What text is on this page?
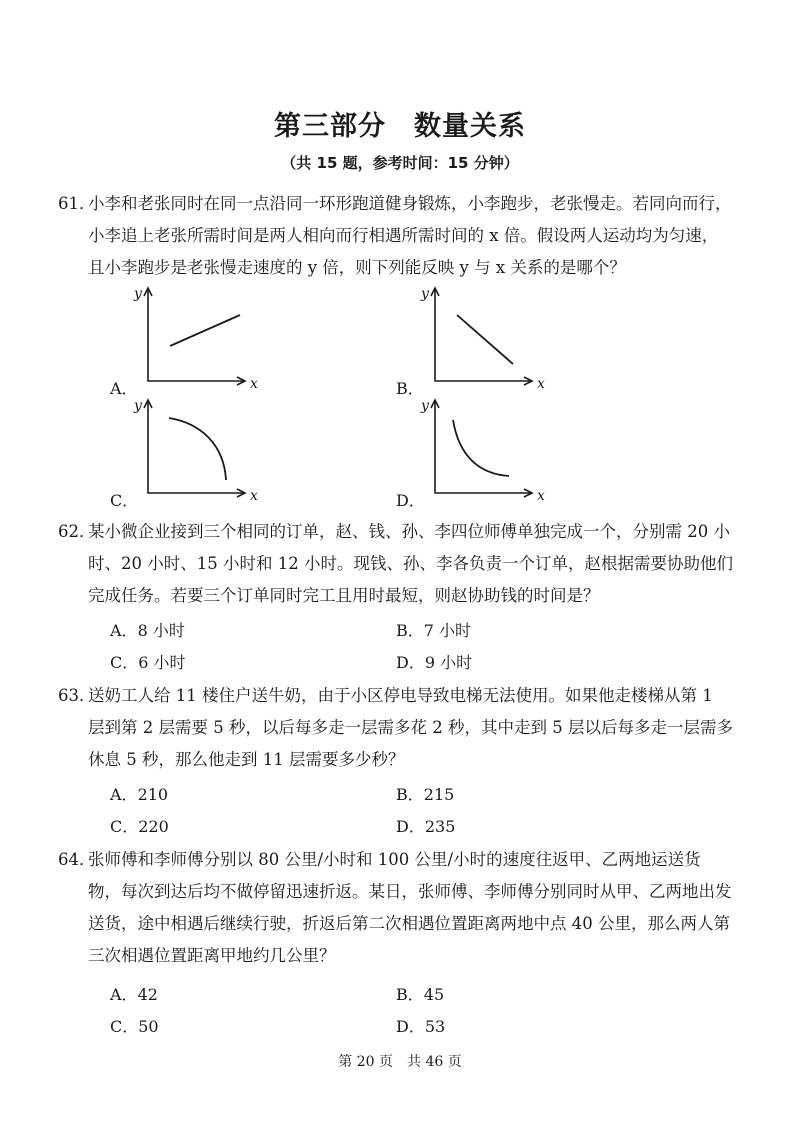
第三部分　数量关系
（共 15 题，参考时间：15 分钟）
61．
小李和老张同时在同一点沿同一环形跑道健身锻炼，小李跑步，老张慢走。若同向而行，小李追上老张所需时间是两人相向而行相遇所需时间的 x 倍。假设两人运动均为匀速，且小李跑步是老张慢走速度的 y 倍，则下列能反映 y 与 x 关系的是哪个？
A．
y
x	B．
y
x
C．
y
x	D．
y
x
62．
某小微企业接到三个相同的订单，赵、钱、孙、李四位师傅单独完成一个，分别需 20 小时、20 小时、15 小时和 12 小时。现钱、孙、李各负责一个订单，赵根据需要协助他们完成任务。若要三个订单同时完工且用时最短，则赵协助钱的时间是？
A．8 小时	B．7 小时
C．6 小时	D．9 小时
63．
送奶工人给 11 楼住户送牛奶，由于小区停电导致电梯无法使用。如果他走楼梯从第 1 层到第 2 层需要 5 秒，以后每多走一层需多花 2 秒，其中走到 5 层以后每多走一层需多休息 5 秒，那么他走到 11 层需要多少秒？
A．210	B．215
C．220	D．235
64．
张师傅和李师傅分别以 80 公里/小时和 100 公里/小时的速度往返甲、乙两地运送货物，每次到达后均不做停留迅速折返。某日，张师傅、李师傅分别同时从甲、乙两地出发送货，途中相遇后继续行驶，折返后第二次相遇位置距离两地中点 40 公里，那么两人第三次相遇位置距离甲地约几公里？
A．42	B．45
C．50	D．53
第 20 页　共 46 页
